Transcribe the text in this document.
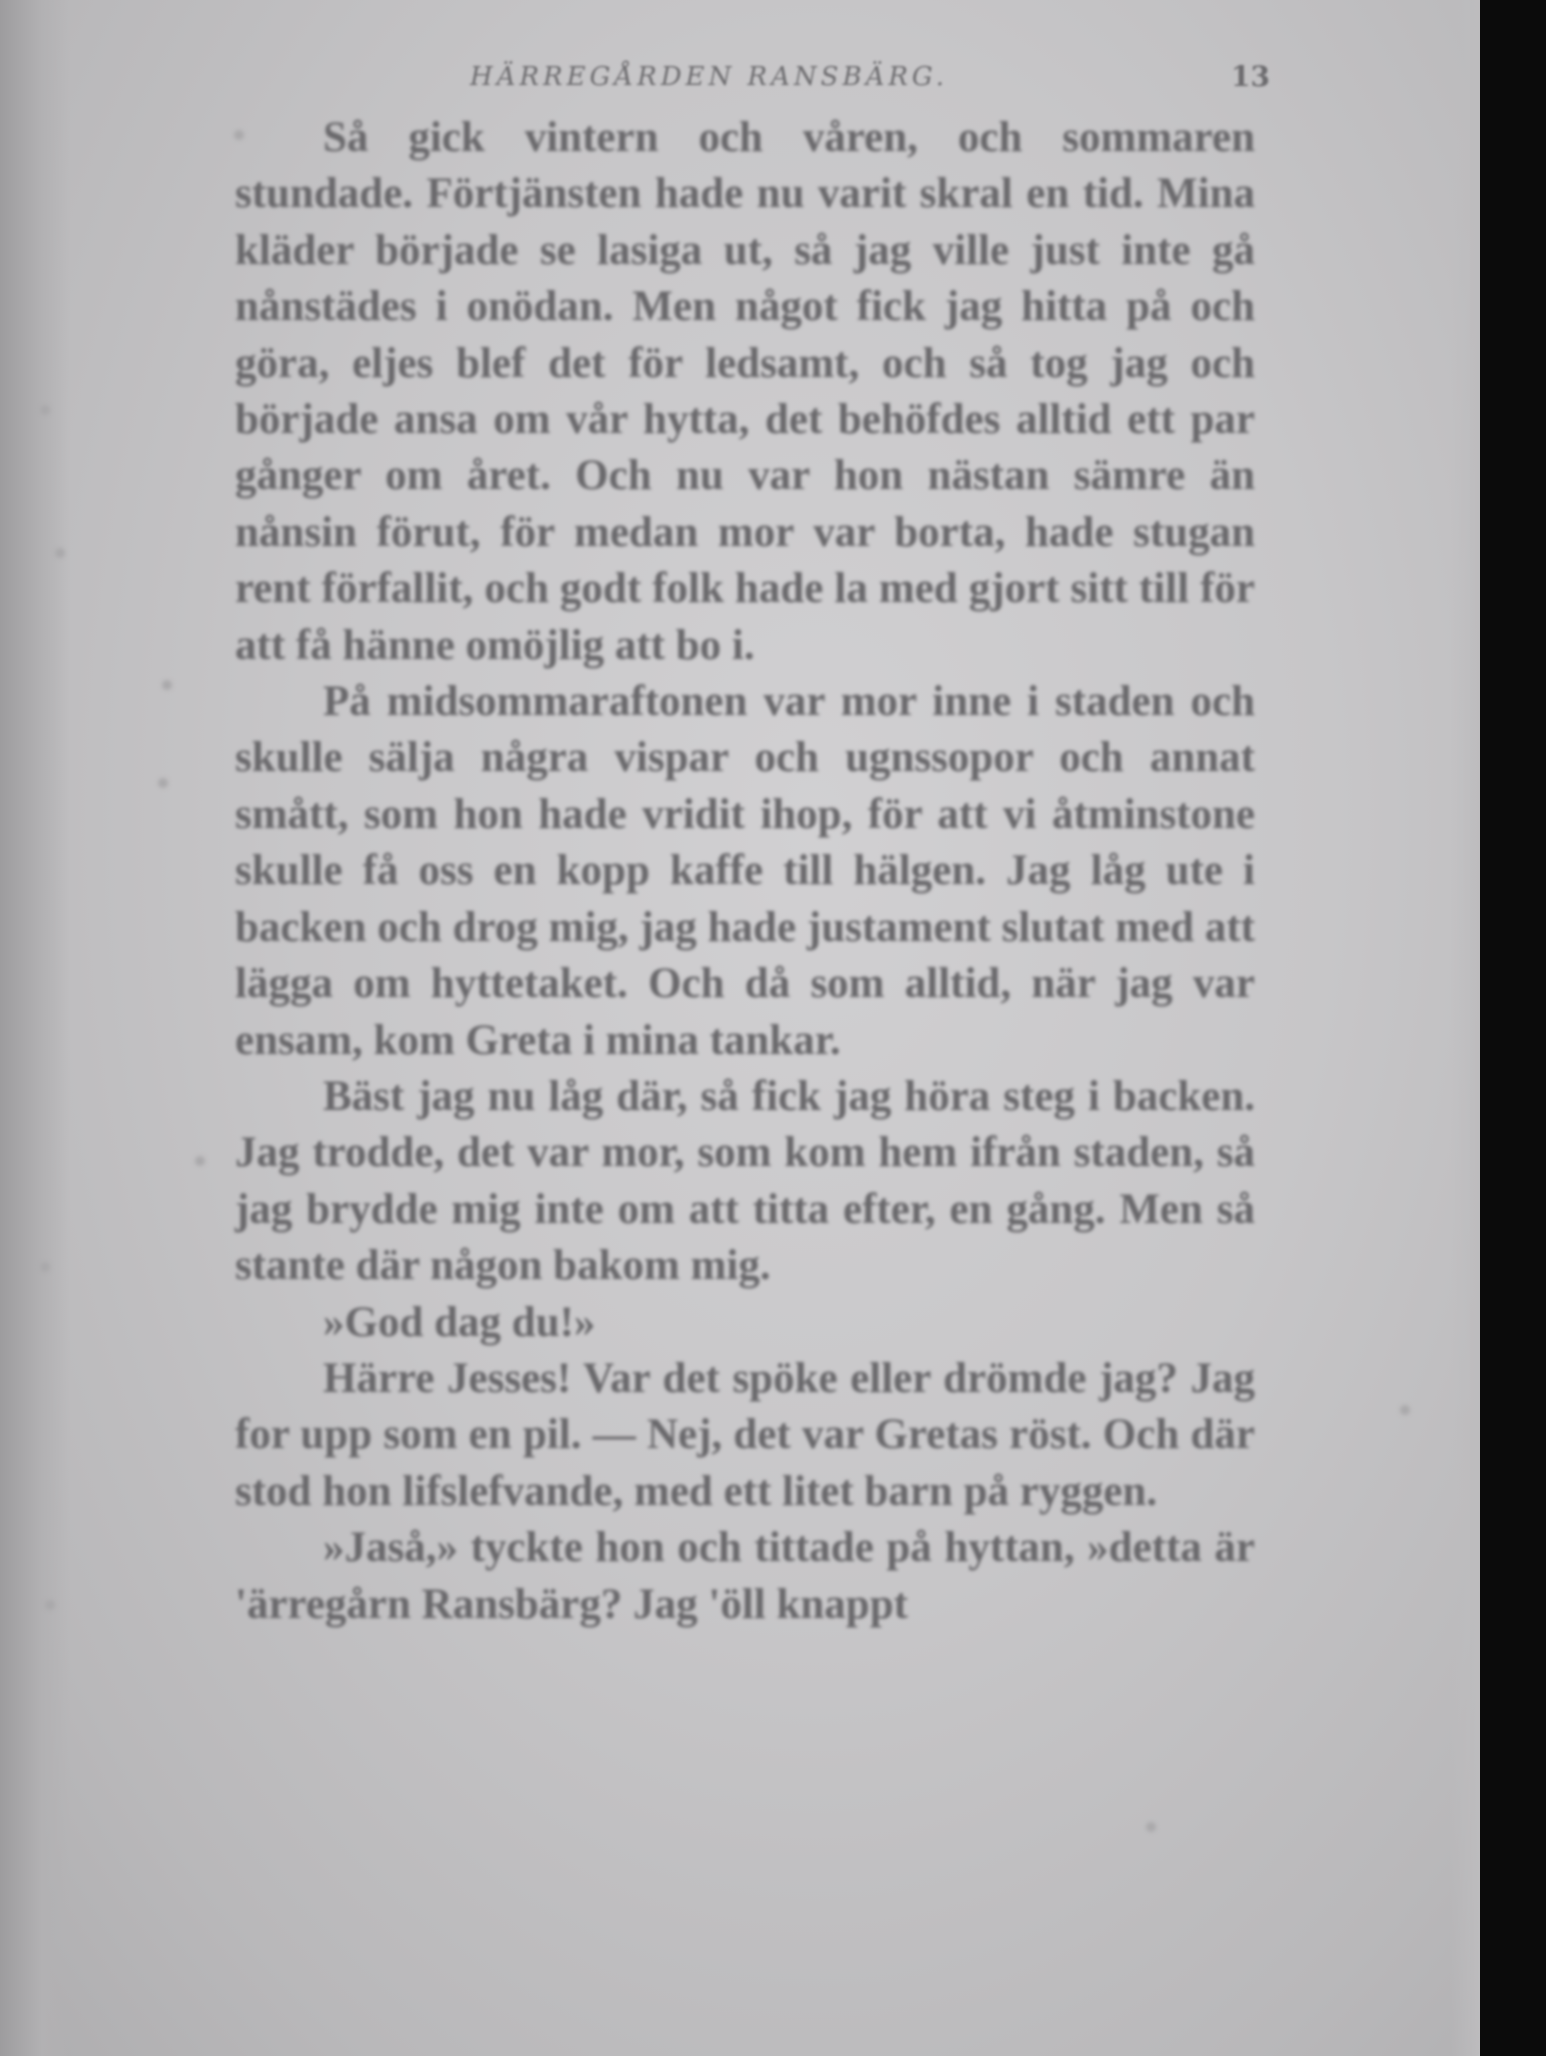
HÄRREGÅRDEN RANSBÄRG.	13

Så gick vintern och våren, och sommaren stundade. Förtjänsten hade nu varit skral en tid. Mina kläder började se lasiga ut, så jag ville just inte gå nånstädes i onödan. Men något fick jag hitta på och göra, eljes blef det för ledsamt, och så tog jag och började ansa om vår hytta, det behöfdes alltid ett par gånger om året. Och nu var hon nästan sämre än nånsin förut, för medan mor var borta, hade stugan rent förfallit, och godt folk hade la med gjort sitt till för att få hänne omöjlig att bo i.

På midsommaraftonen var mor inne i staden och skulle sälja några vispar och ugnssopor och annat smått, som hon hade vridit ihop, för att vi åtminstone skulle få oss en kopp kaffe till hälgen. Jag låg ute i backen och drog mig, jag hade justament slutat med att lägga om hyttetaket. Och då som alltid, när jag var ensam, kom Greta i mina tankar.

Bäst jag nu låg där, så fick jag höra steg i backen. Jag trodde, det var mor, som kom hem ifrån staden, så jag brydde mig inte om att titta efter, en gång. Men så stante där någon bakom mig.

»God dag du!»

Härre Jesses! Var det spöke eller drömde jag? Jag for upp som en pil. — Nej, det var Gretas röst. Och där stod hon lifslefvande, med ett litet barn på ryggen.

»Jaså,» tyckte hon och tittade på hyttan, »detta är 'ärregårn Ransbärg? Jag 'öll knappt
